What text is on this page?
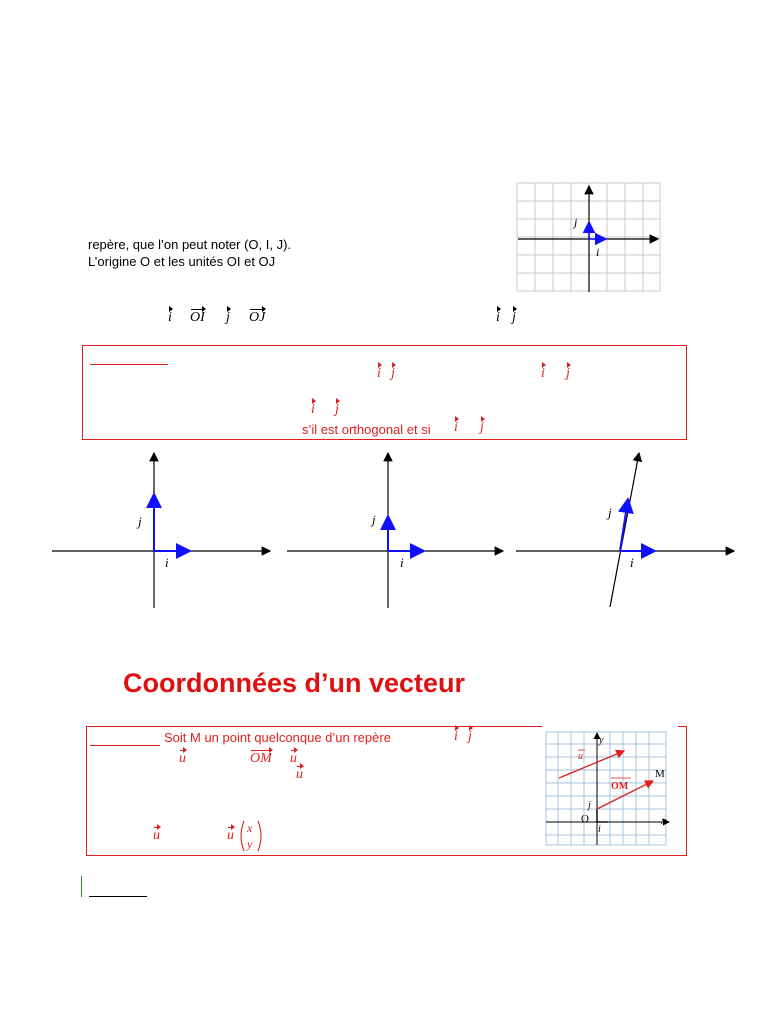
j
i
repère, que l’on peut noter (O, I, J).
L’origine O et les unités OI et OJ
i OI j OJ	i j
i j	i j
i j
s’il est orthogonal et si i j
j
i
j
i
j
i
Coordonnées d’un vecteur
Soit M un point quelconque d’un repère	i j
u	OM u
u
u	u x
y
u
OM
M
y
x
O
j
i
